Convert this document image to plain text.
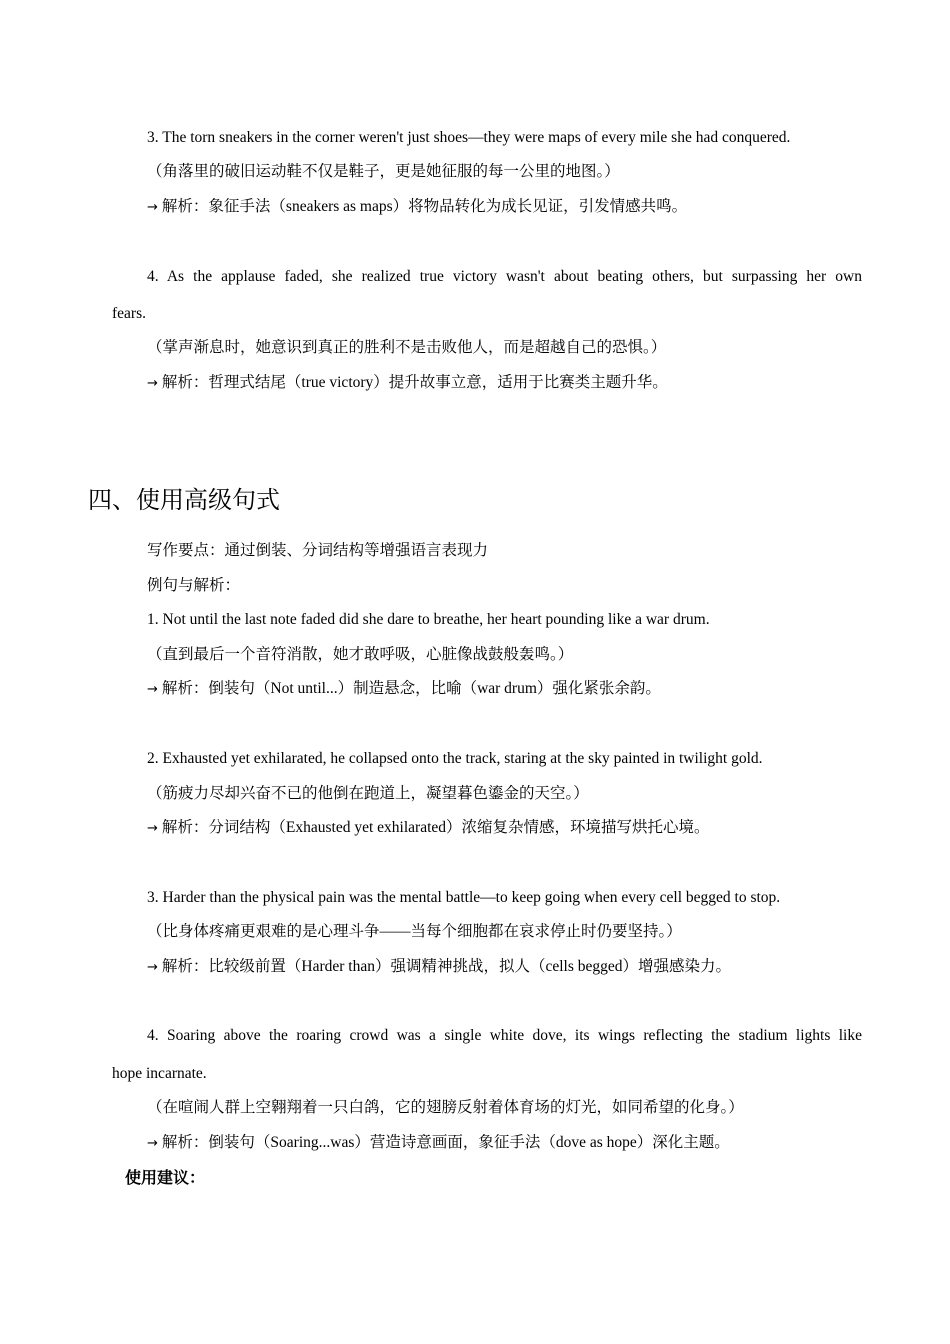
3. The torn sneakers in the corner weren't just shoes—they were maps of every mile she had conquered.
（角落里的破旧运动鞋不仅是鞋子，更是她征服的每一公里的地图。）
→ 解析：象征手法（sneakers as maps）将物品转化为成长见证，引发情感共鸣。
4. As the applause faded, she realized true victory wasn't about beating others, but surpassing her own
fears.
（掌声渐息时，她意识到真正的胜利不是击败他人，而是超越自己的恐惧。）
→ 解析：哲理式结尾（true victory）提升故事立意，适用于比赛类主题升华。
四、使用高级句式
写作要点：通过倒装、分词结构等增强语言表现力
例句与解析：
1. Not until the last note faded did she dare to breathe, her heart pounding like a war drum.
（直到最后一个音符消散，她才敢呼吸，心脏像战鼓般轰鸣。）
→ 解析：倒装句（Not until...）制造悬念，比喻（war drum）强化紧张余韵。
2. Exhausted yet exhilarated, he collapsed onto the track, staring at the sky painted in twilight gold.
（筋疲力尽却兴奋不已的他倒在跑道上，凝望暮色鎏金的天空。）
→ 解析：分词结构（Exhausted yet exhilarated）浓缩复杂情感，环境描写烘托心境。
3. Harder than the physical pain was the mental battle—to keep going when every cell begged to stop.
（比身体疼痛更艰难的是心理斗争——当每个细胞都在哀求停止时仍要坚持。）
→ 解析：比较级前置（Harder than）强调精神挑战，拟人（cells begged）增强感染力。
4. Soaring above the roaring crowd was a single white dove, its wings reflecting the stadium lights like
hope incarnate.
（在喧闹人群上空翱翔着一只白鸽，它的翅膀反射着体育场的灯光，如同希望的化身。）
→ 解析：倒装句（Soaring...was）营造诗意画面，象征手法（dove as hope）深化主题。
使用建议：
